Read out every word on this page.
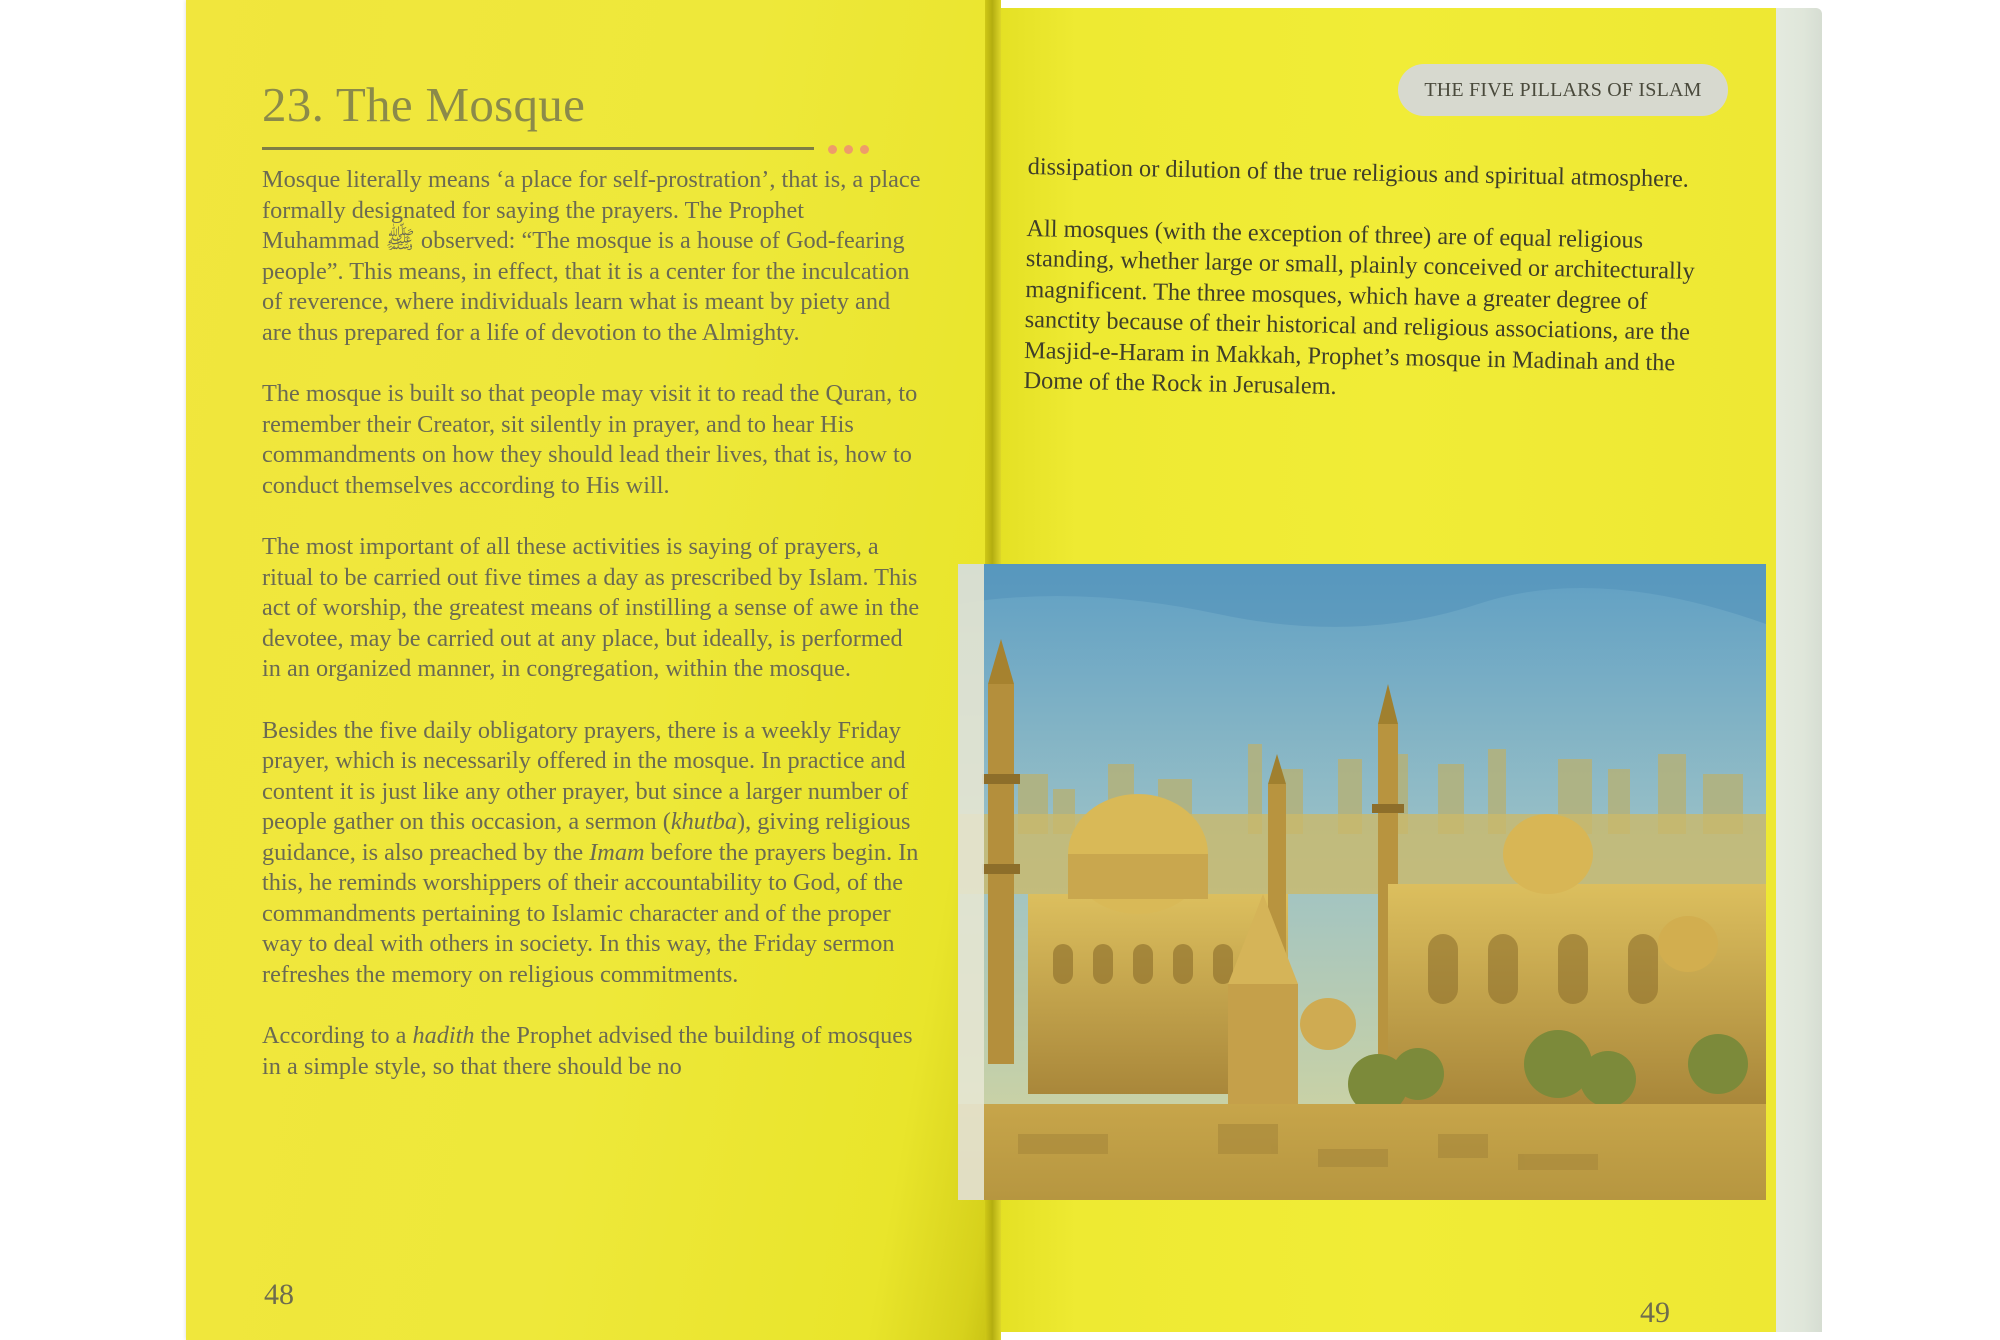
23. The Mosque

Mosque literally means ‘a place for self-prostration’, that is, a place formally designated for saying the prayers. The Prophet Muhammad ﷺ observed: “The mosque is a house of God-fearing people”. This means, in effect, that it is a center for the inculcation of reverence, where individuals learn what is meant by piety and are thus prepared for a life of devotion to the Almighty.

The mosque is built so that people may visit it to read the Quran, to remember their Creator, sit silently in prayer, and to hear His commandments on how they should lead their lives, that is, how to conduct themselves according to His will.

The most important of all these activities is saying of prayers, a ritual to be carried out five times a day as prescribed by Islam. This act of worship, the greatest means of instilling a sense of awe in the devotee, may be carried out at any place, but ideally, is performed in an organized manner, in congregation, within the mosque.

Besides the five daily obligatory prayers, there is a weekly Friday prayer, which is necessarily offered in the mosque. In practice and content it is just like any other prayer, but since a larger number of people gather on this occasion, a sermon (khutba), giving religious guidance, is also preached by the Imam before the prayers begin. In this, he reminds worshippers of their accountability to God, of the commandments pertaining to Islamic character and of the proper way to deal with others in society. In this way, the Friday sermon refreshes the memory on religious commitments.

According to a hadith the Prophet advised the building of mosques in a simple style, so that there should be no

48
THE FIVE PILLARS OF ISLAM

dissipation or dilution of the true religious and spiritual atmosphere.

All mosques (with the exception of three) are of equal religious standing, whether large or small, plainly conceived or architecturally magnificent. The three mosques, which have a greater degree of sanctity because of their historical and religious associations, are the Masjid-e-Haram in Makkah, Prophet’s mosque in Madinah and the Dome of the Rock in Jerusalem.

49
